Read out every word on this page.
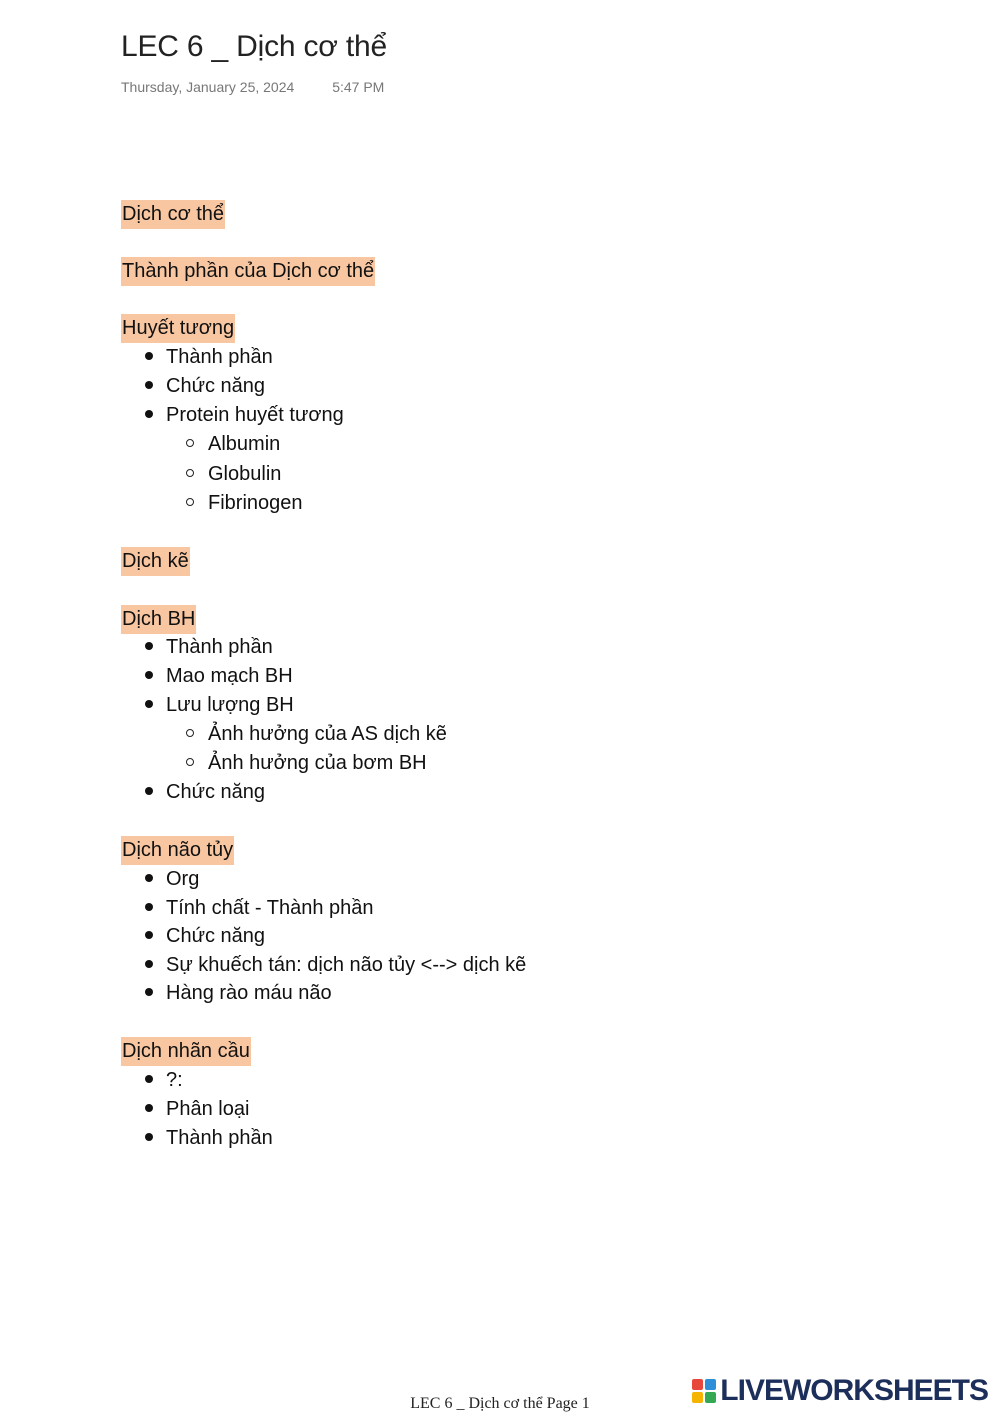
LEC 6 _ Dịch cơ thể
Thursday, January 25, 2024	5:47 PM
Dịch cơ thể
Thành phần của Dịch cơ thể
Huyết tương
Thành phần
Chức năng
Protein huyết tương
Albumin
Globulin
Fibrinogen
Dịch kẽ
Dịch BH
Thành phần
Mao mạch BH
Lưu lượng BH
Ảnh hưởng của AS dịch kẽ
Ảnh hưởng của bơm BH
Chức năng
Dịch não tủy
Org
Tính chất - Thành phần
Chức năng
Sự khuếch tán: dịch não tủy <--> dịch kẽ
Hàng rào máu não
Dịch nhãn cầu
?:
Phân loại
Thành phần
LEC 6 _ Dịch cơ thể Page 1	LIVEWORKSHEETS
